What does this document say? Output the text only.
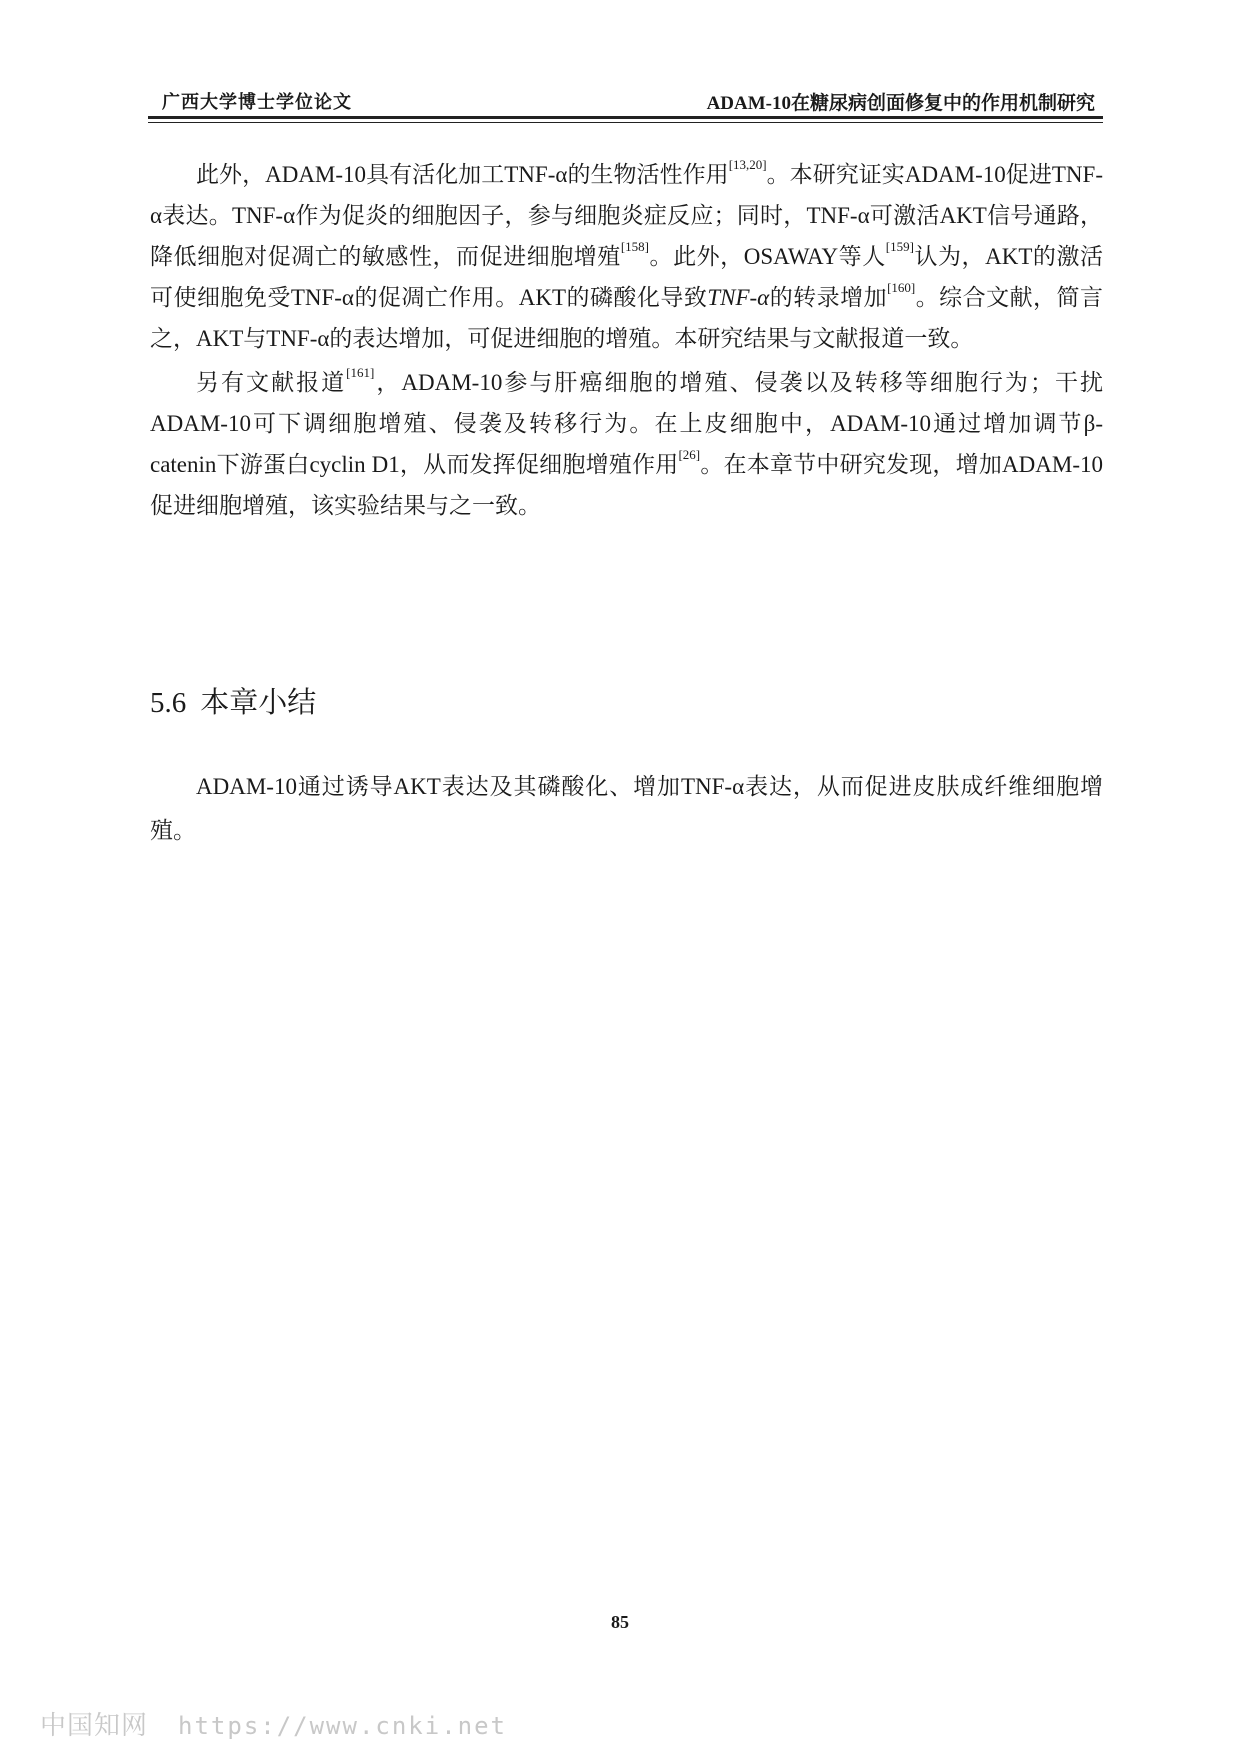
广西大学博士学位论文	ADAM-10在糖尿病创面修复中的作用机制研究

此外，ADAM-10具有活化加工TNF-α的生物活性作用[13,20]。本研究证实ADAM-10促进TNF-α表达。TNF-α作为促炎的细胞因子，参与细胞炎症反应；同时，TNF-α可激活AKT信号通路，降低细胞对促凋亡的敏感性，而促进细胞增殖[158]。此外，OSAWAY等人[159]认为，AKT的激活可使细胞免受TNF-α的促凋亡作用。AKT的磷酸化导致TNF-α的转录增加[160]。综合文献，简言之，AKT与TNF-α的表达增加，可促进细胞的增殖。本研究结果与文献报道一致。

另有文献报道[161]，ADAM-10参与肝癌细胞的增殖、侵袭以及转移等细胞行为；干扰ADAM-10可下调细胞增殖、侵袭及转移行为。在上皮细胞中，ADAM-10通过增加调节β-catenin下游蛋白cyclin D1，从而发挥促细胞增殖作用[26]。在本章节中研究发现，增加ADAM-10促进细胞增殖，该实验结果与之一致。

5.6 本章小结

ADAM-10通过诱导AKT表达及其磷酸化、增加TNF-α表达，从而促进皮肤成纤维细胞增殖。

85
中国知网 https://www.cnki.net
